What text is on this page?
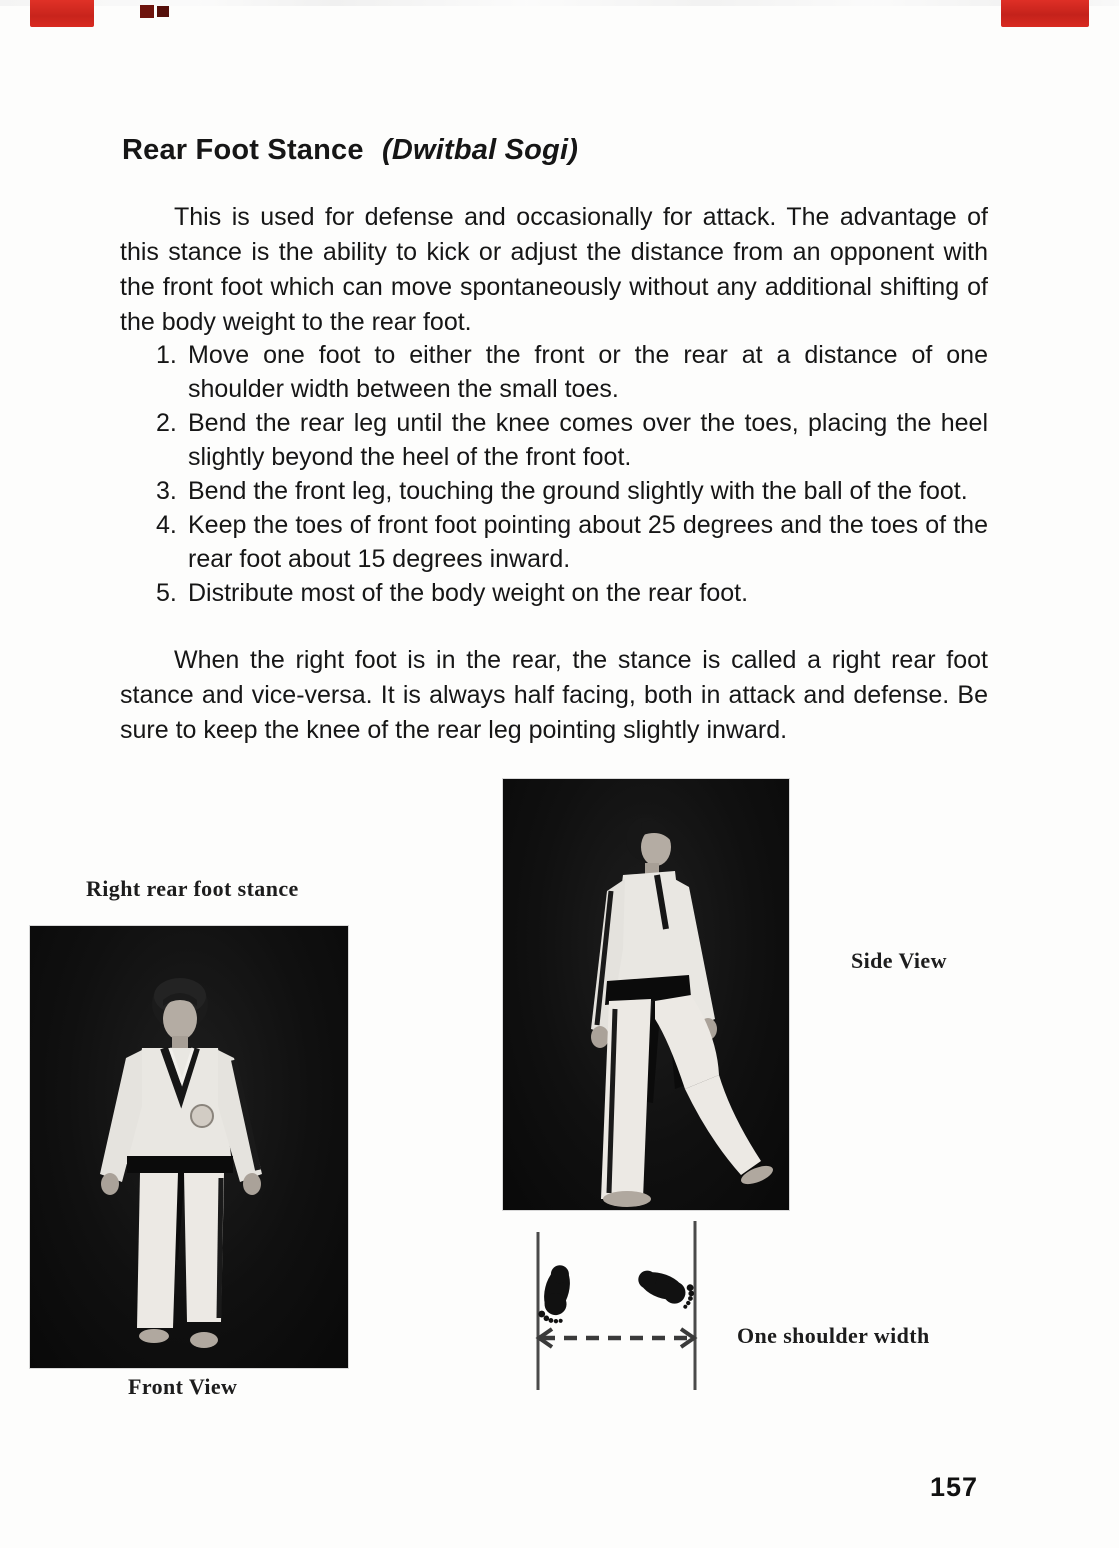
Rear Foot Stance (Dwitbal Sogi)

This is used for defense and occasionally for attack. The advantage of this stance is the ability to kick or adjust the distance from an opponent with the front foot which can move spontaneously without any additional shifting of the body weight to the rear foot.

1. Move one foot to either the front or the rear at a distance of one shoulder width between the small toes.
2. Bend the rear leg until the knee comes over the toes, placing the heel slightly beyond the heel of the front foot.
3. Bend the front leg, touching the ground slightly with the ball of the foot.
4. Keep the toes of front foot pointing about 25 degrees and the toes of the rear foot about 15 degrees inward.
5. Distribute most of the body weight on the rear foot.

When the right foot is in the rear, the stance is called a right rear foot stance and vice-versa. It is always half facing, both in attack and defense. Be sure to keep the knee of the rear leg pointing slightly inward.

Right rear foot stance
Side View
Front View
One shoulder width
157
